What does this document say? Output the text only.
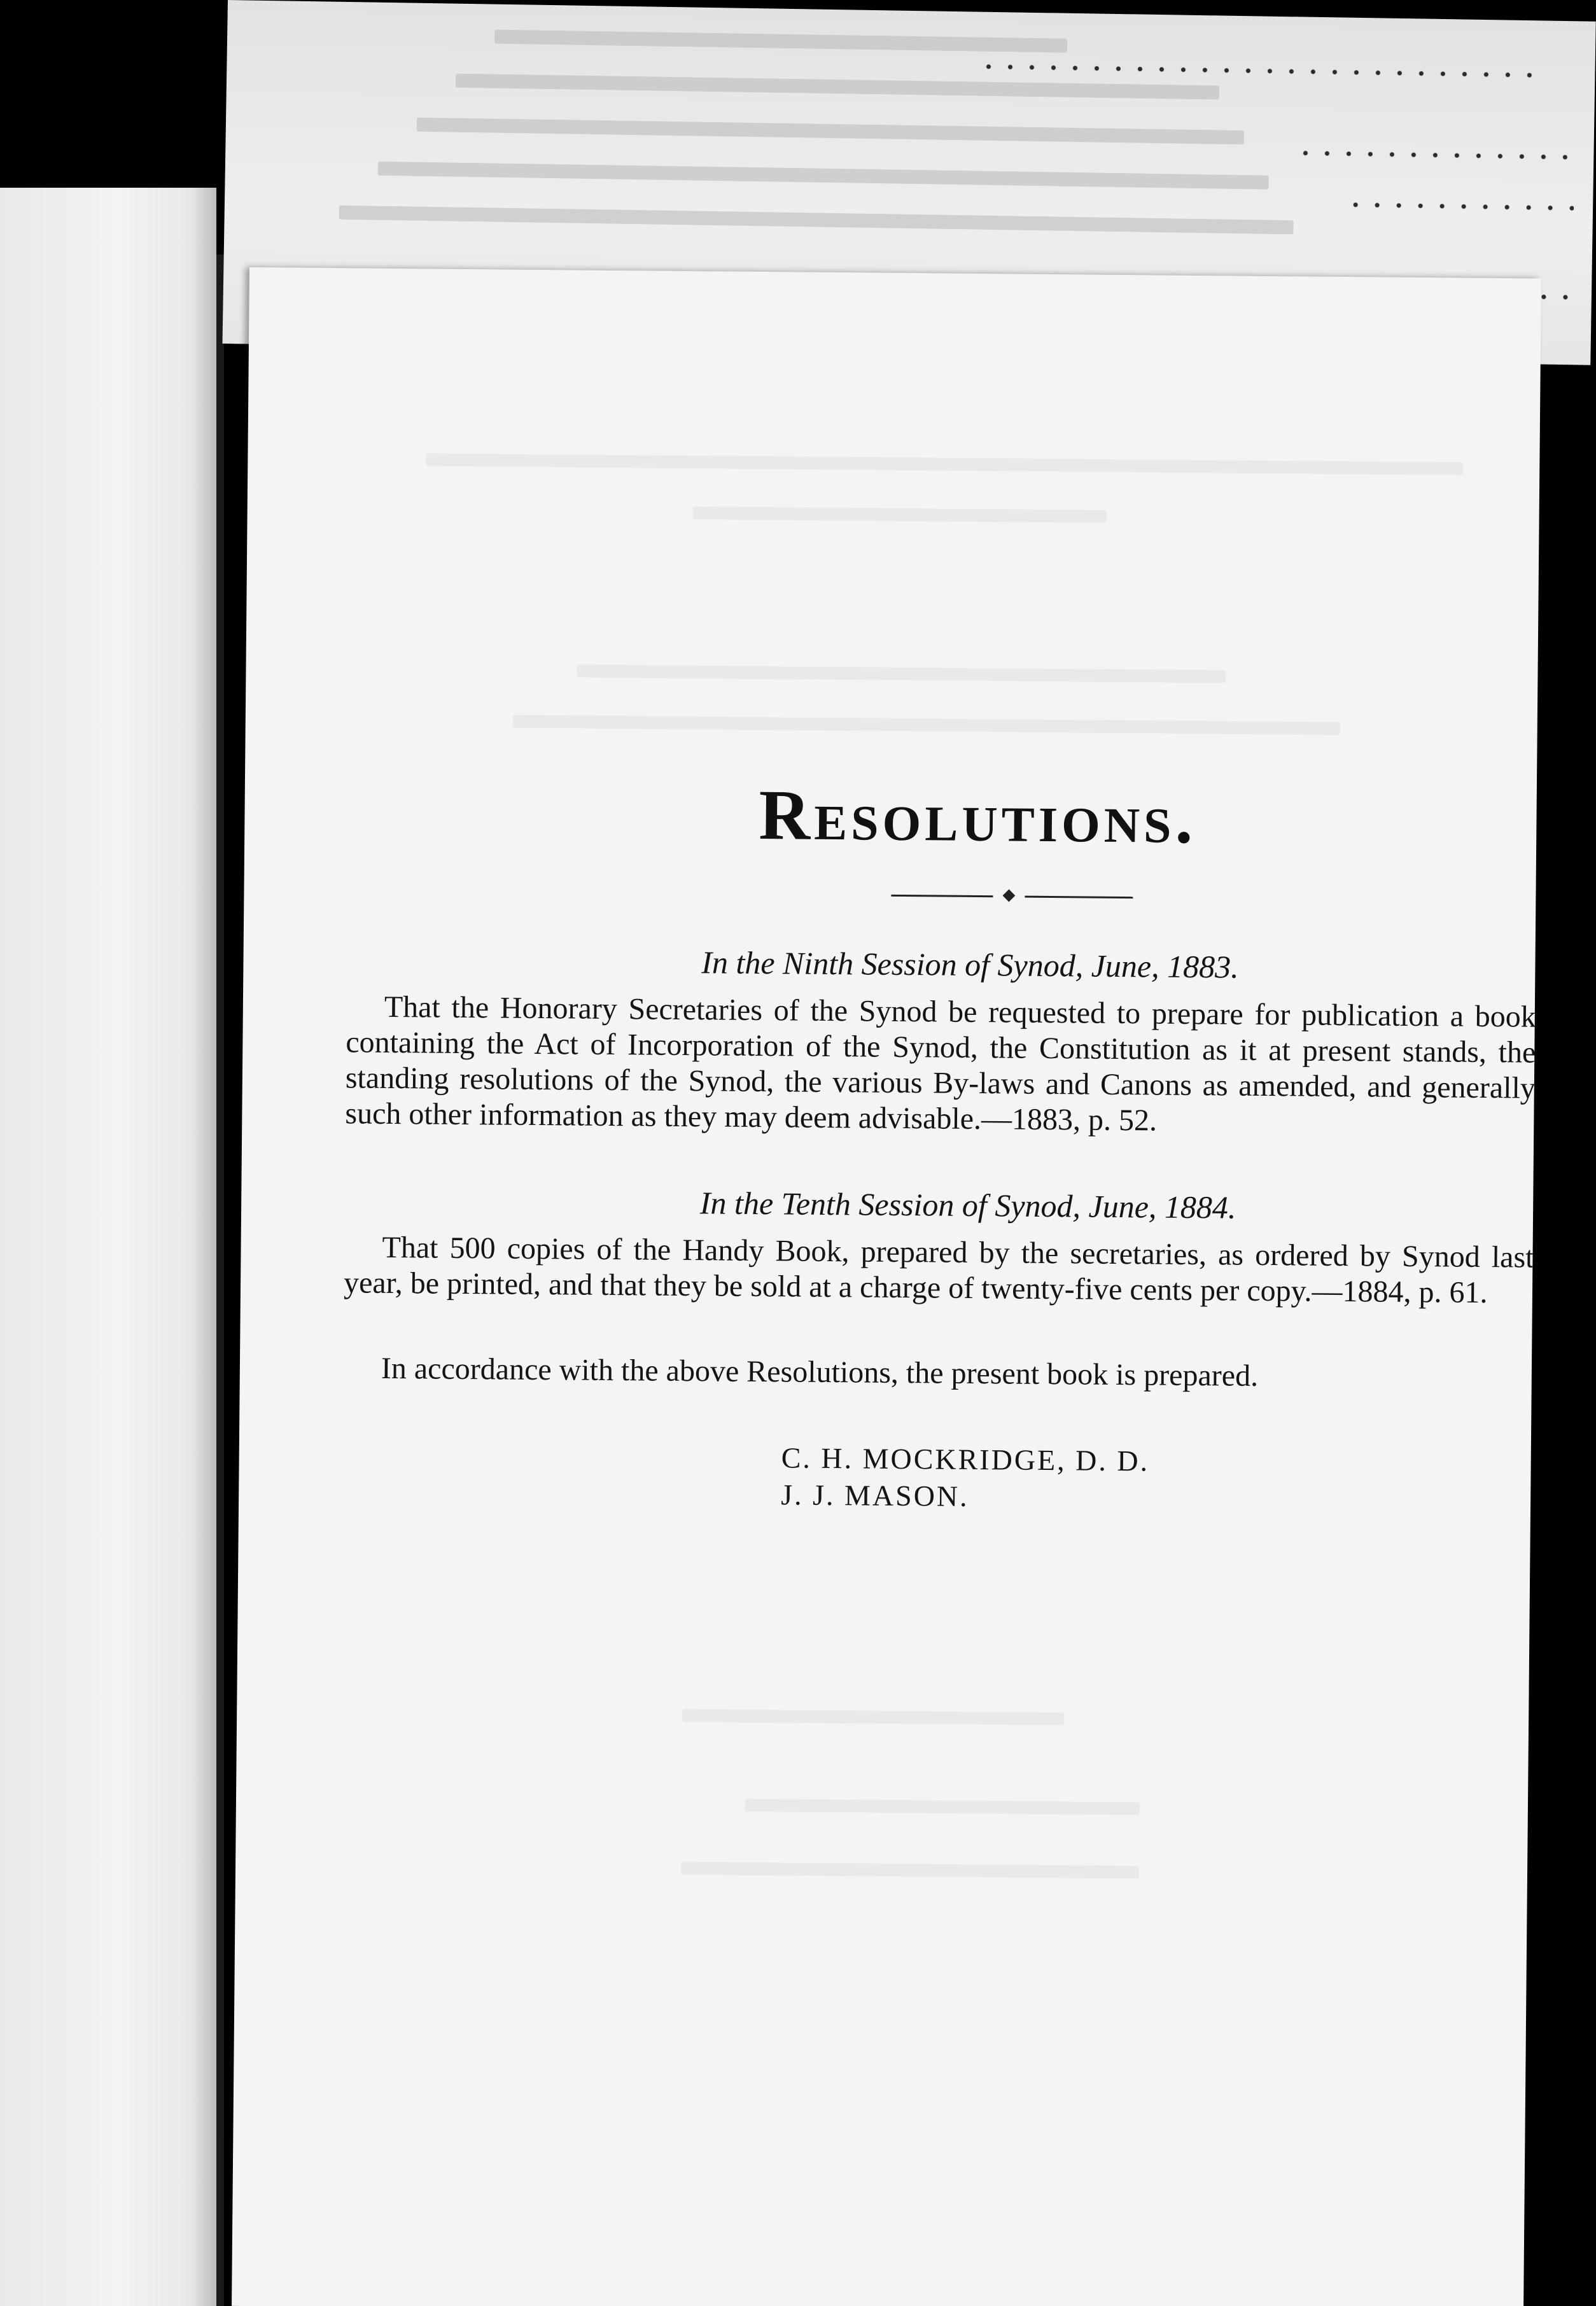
Resolutions.
In the Ninth Session of Synod, June, 1883.
That the Honorary Secretaries of the Synod be requested to prepare for publication a book containing the Act of Incorporation of the Synod, the Constitution as it at present stands, the standing resolutions of the Synod, the various By-laws and Canons as amended, and generally such other information as they may deem advisable.—1883, p. 52.
In the Tenth Session of Synod, June, 1884.
That 500 copies of the Handy Book, prepared by the secretaries, as ordered by Synod last year, be printed, and that they be sold at a charge of twenty-five cents per copy.—1884, p. 61.
In accordance with the above Resolutions, the present book is prepared.
C. H. MOCKRIDGE, D. D.
J. J. MASON.
